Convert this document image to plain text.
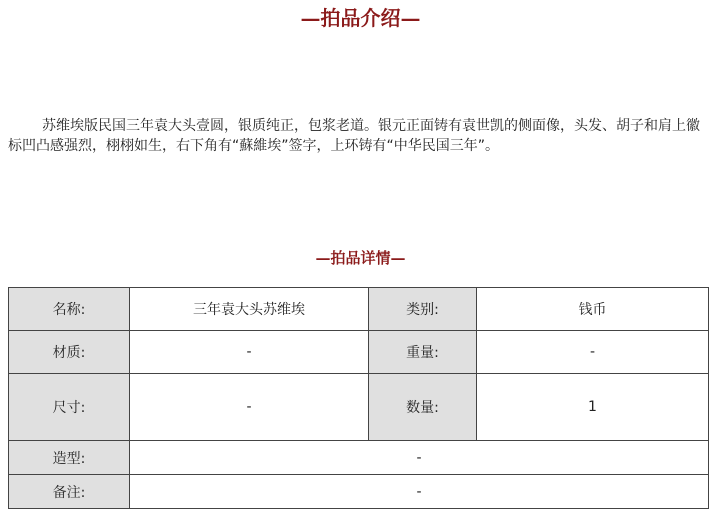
—拍品介绍—

苏维埃版民国三年袁大头壹圆，银质纯正，包浆老道。银元正面铸有袁世凯的侧面像，头发、胡子和肩上徽标凹凸感强烈，栩栩如生，右下角有“蘇維埃”签字，上环铸有“中华民国三年”。

—拍品详情—
名称:	三年袁大头苏维埃	类别:	钱币
材质:	-	重量:	-
尺寸:	-	数量:	1
造型:	-		
备注:	-		
